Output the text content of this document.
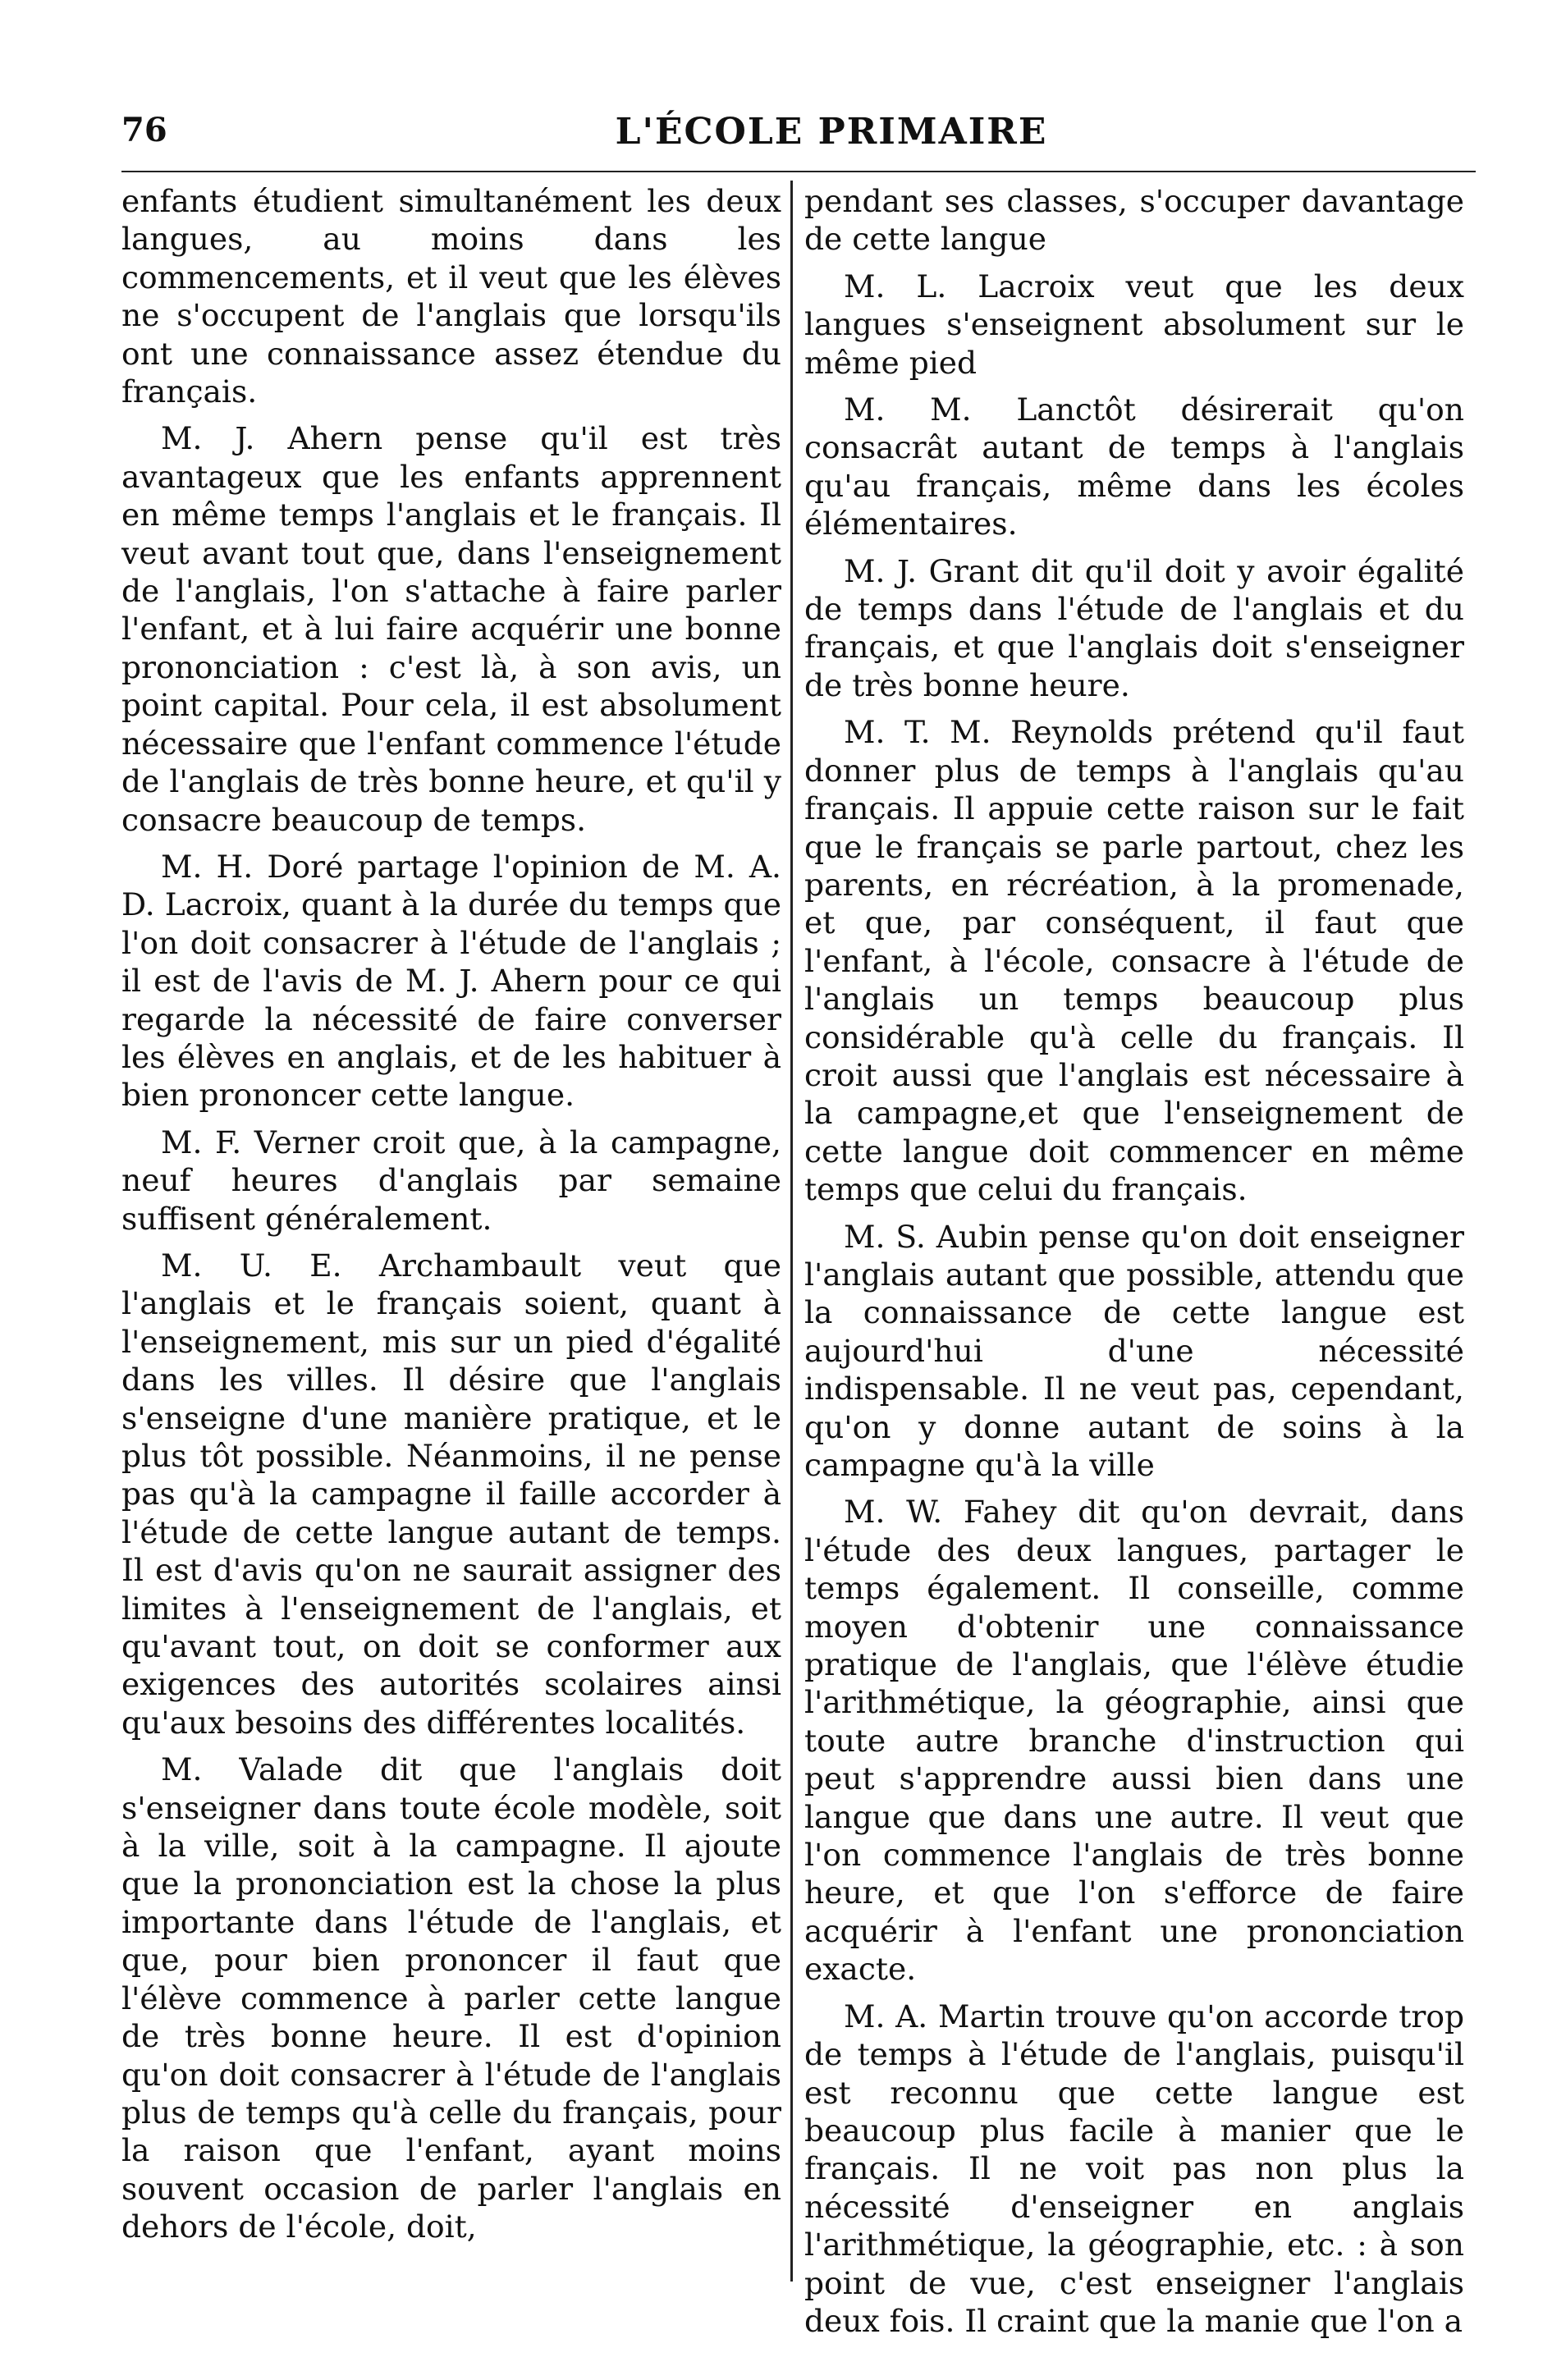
76	L'ÉCOLE PRIMAIRE

enfants étudient simultanément les deux langues, au moins dans les commencements, et il veut que les élèves ne s'occupent de l'anglais que lorsqu'ils ont une connaissance assez étendue du français.

M. J. Ahern pense qu'il est très avantageux que les enfants apprennent en même temps l'anglais et le français. Il veut avant tout que, dans l'enseignement de l'anglais, l'on s'attache à faire parler l'enfant, et à lui faire acquérir une bonne prononciation : c'est là, à son avis, un point capital. Pour cela, il est absolument nécessaire que l'enfant commence l'étude de l'anglais de très bonne heure, et qu'il y consacre beaucoup de temps.

M. H. Doré partage l'opinion de M. A. D. Lacroix, quant à la durée du temps que l'on doit consacrer à l'étude de l'anglais ; il est de l'avis de M. J. Ahern pour ce qui regarde la nécessité de faire converser les élèves en anglais, et de les habituer à bien prononcer cette langue.

M. F. Verner croit que, à la campagne, neuf heures d'anglais par semaine suffisent généralement.

M. U. E. Archambault veut que l'anglais et le français soient, quant à l'enseignement, mis sur un pied d'égalité dans les villes. Il désire que l'anglais s'enseigne d'une manière pratique, et le plus tôt possible. Néanmoins, il ne pense pas qu'à la campagne il faille accorder à l'étude de cette langue autant de temps. Il est d'avis qu'on ne saurait assigner des limites à l'enseignement de l'anglais, et qu'avant tout, on doit se conformer aux exigences des autorités scolaires ainsi qu'aux besoins des différentes localités.

M. Valade dit que l'anglais doit s'enseigner dans toute école modèle, soit à la ville, soit à la campagne. Il ajoute que la prononciation est la chose la plus importante dans l'étude de l'anglais, et que, pour bien prononcer il faut que l'élève commence à parler cette langue de très bonne heure. Il est d'opinion qu'on doit consacrer à l'étude de l'anglais plus de temps qu'à celle du français, pour la raison que l'enfant, ayant moins souvent occasion de parler l'anglais en dehors de l'école, doit,

pendant ses classes, s'occuper davantage de cette langue

M. L. Lacroix veut que les deux langues s'enseignent absolument sur le même pied

M. M. Lanctôt désirerait qu'on consacrât autant de temps à l'anglais qu'au français, même dans les écoles élémentaires.

M. J. Grant dit qu'il doit y avoir égalité de temps dans l'étude de l'anglais et du français, et que l'anglais doit s'enseigner de très bonne heure.

M. T. M. Reynolds prétend qu'il faut donner plus de temps à l'anglais qu'au français. Il appuie cette raison sur le fait que le français se parle partout, chez les parents, en récréation, à la promenade, et que, par conséquent, il faut que l'enfant, à l'école, consacre à l'étude de l'anglais un temps beaucoup plus considérable qu'à celle du français. Il croit aussi que l'anglais est nécessaire à la campagne,et que l'enseignement de cette langue doit commencer en même temps que celui du français.

M. S. Aubin pense qu'on doit enseigner l'anglais autant que possible, attendu que la connaissance de cette langue est aujourd'hui d'une nécessité indispensable. Il ne veut pas, cependant, qu'on y donne autant de soins à la campagne qu'à la ville

M. W. Fahey dit qu'on devrait, dans l'étude des deux langues, partager le temps également. Il conseille, comme moyen d'obtenir une connaissance pratique de l'anglais, que l'élève étudie l'arithmétique, la géographie, ainsi que toute autre branche d'instruction qui peut s'apprendre aussi bien dans une langue que dans une autre. Il veut que l'on commence l'anglais de très bonne heure, et que l'on s'efforce de faire acquérir à l'enfant une prononciation exacte.

M. A. Martin trouve qu'on accorde trop de temps à l'étude de l'anglais, puisqu'il est reconnu que cette langue est beaucoup plus facile à manier que le français. Il ne voit pas non plus la nécessité d'enseigner en anglais l'arithmétique, la géographie, etc. : à son point de vue, c'est enseigner l'anglais deux fois. Il craint que la manie que l'on a
